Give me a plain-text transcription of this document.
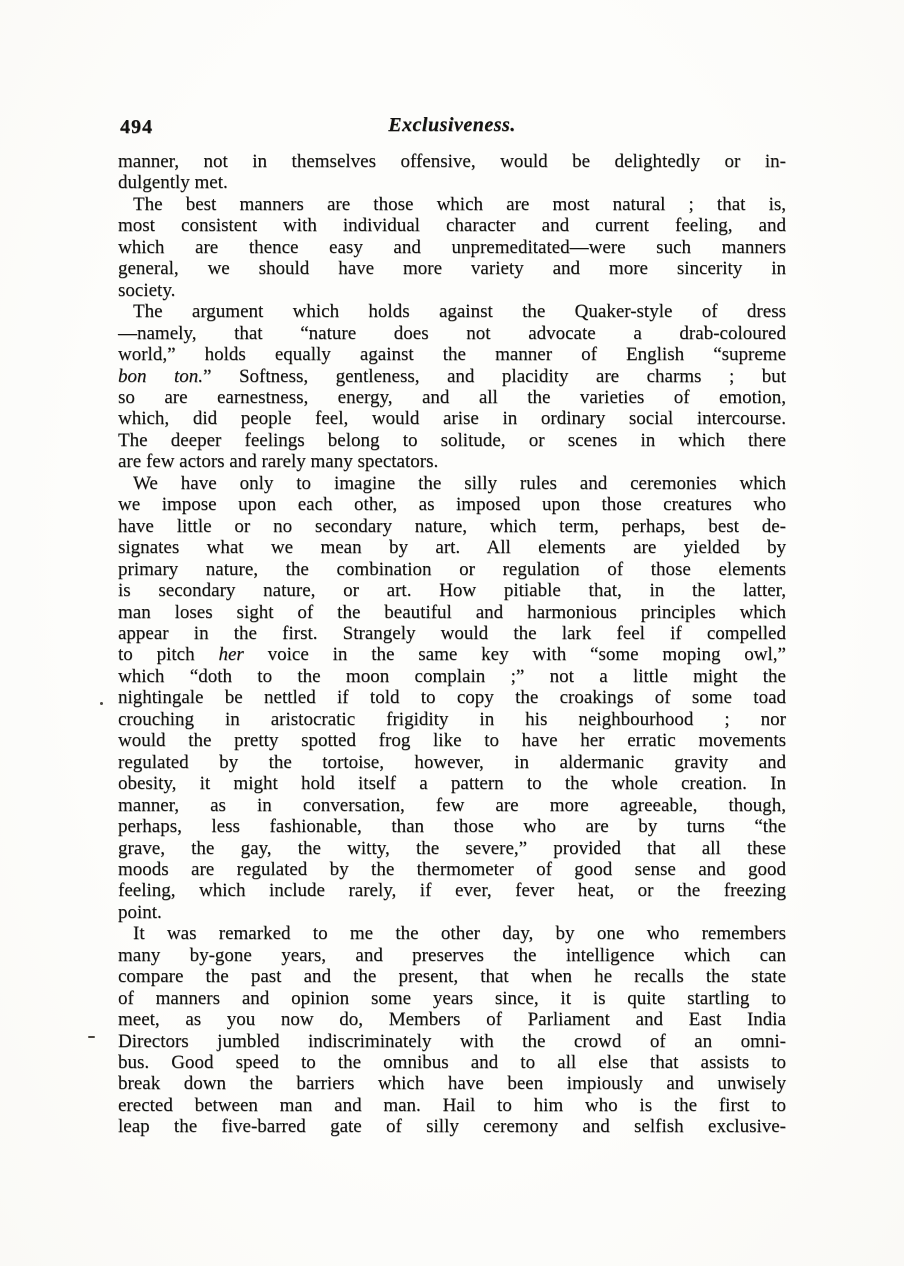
494	Exclusiveness.
manner, not in themselves offensive, would be delightedly or in-
dulgently met.
The best manners are those which are most natural ; that is,
most consistent with individual character and current feeling, and
which are thence easy and unpremeditated—were such manners
general, we should have more variety and more sincerity in
society.
The argument which holds against the Quaker-style of dress
—namely, that “nature does not advocate a drab-coloured
world,” holds equally against the manner of English “supreme
bon ton.” Softness, gentleness, and placidity are charms ; but
so are earnestness, energy, and all the varieties of emotion,
which, did people feel, would arise in ordinary social intercourse.
The deeper feelings belong to solitude, or scenes in which there
are few actors and rarely many spectators.
We have only to imagine the silly rules and ceremonies which
we impose upon each other, as imposed upon those creatures who
have little or no secondary nature, which term, perhaps, best de-
signates what we mean by art. All elements are yielded by
primary nature, the combination or regulation of those elements
is secondary nature, or art. How pitiable that, in the latter,
man loses sight of the beautiful and harmonious principles which
appear in the first. Strangely would the lark feel if compelled
to pitch her voice in the same key with “some moping owl,”
which “doth to the moon complain ;” not a little might the
nightingale be nettled if told to copy the croakings of some toad
crouching in aristocratic frigidity in his neighbourhood ; nor
would the pretty spotted frog like to have her erratic movements
regulated by the tortoise, however, in aldermanic gravity and
obesity, it might hold itself a pattern to the whole creation. In
manner, as in conversation, few are more agreeable, though,
perhaps, less fashionable, than those who are by turns “the
grave, the gay, the witty, the severe,” provided that all these
moods are regulated by the thermometer of good sense and good
feeling, which include rarely, if ever, fever heat, or the freezing
point.
It was remarked to me the other day, by one who remembers
many by-gone years, and preserves the intelligence which can
compare the past and the present, that when he recalls the state
of manners and opinion some years since, it is quite startling to
meet, as you now do, Members of Parliament and East India
Directors jumbled indiscriminately with the crowd of an omni-
bus. Good speed to the omnibus and to all else that assists to
break down the barriers which have been impiously and unwisely
erected between man and man. Hail to him who is the first to
leap the five-barred gate of silly ceremony and selfish exclusive-
